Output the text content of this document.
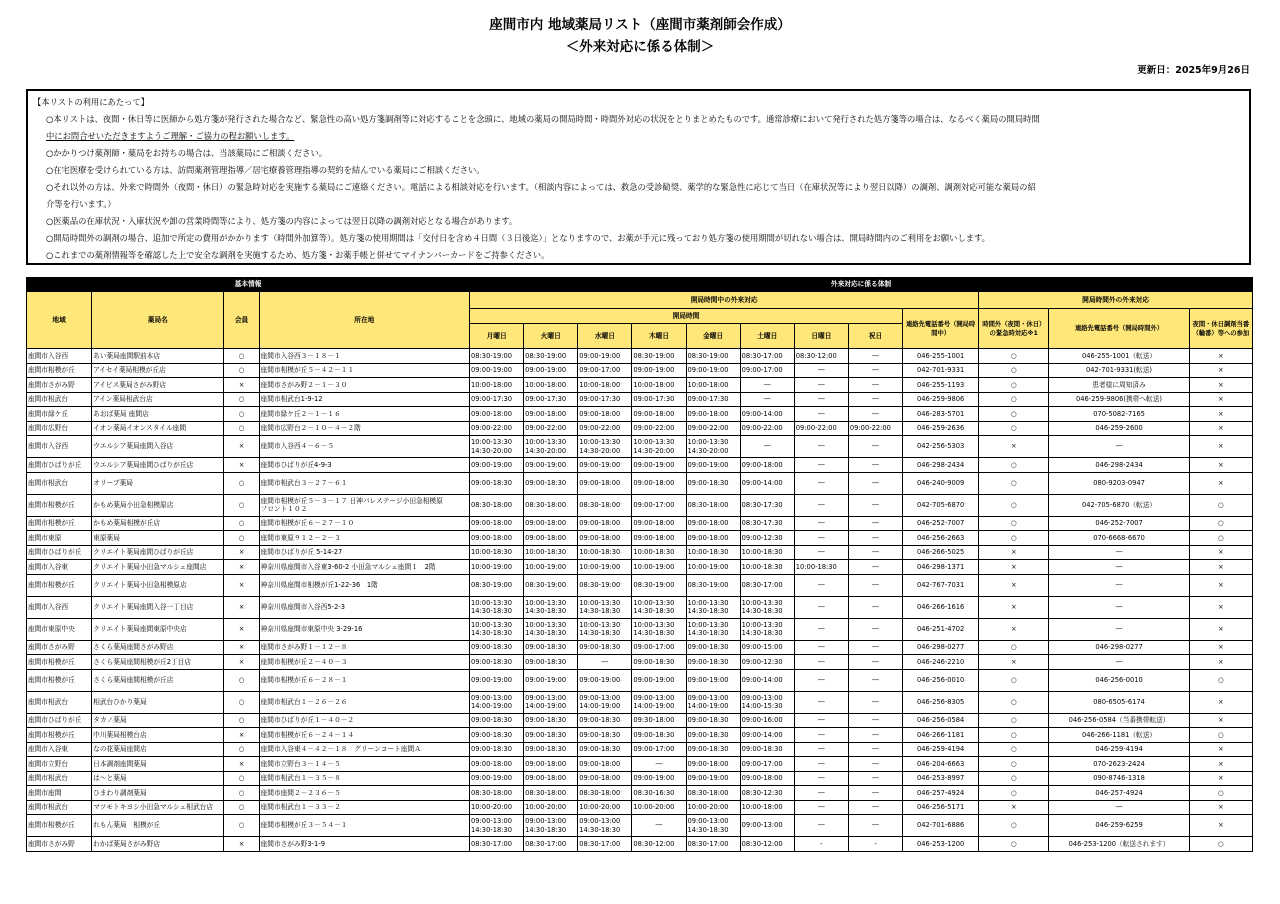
座間市内 地域薬局リスト（座間市薬剤師会作成）
＜外来対応に係る体制＞
更新日：2025年9月26日
【本リストの利用にあたって】
○本リストは、夜間・休日等に医師から処方箋が発行された場合など、緊急性の高い処方箋調剤等に対応することを念頭に、地域の薬局の開局時間・時間外対応の状況をとりまとめたものです。通常診療において発行された処方箋等の場合は、なるべく薬局の開局時間
中にお問合せいただきますようご理解・ご協力の程お願いします。
○かかりつけ薬剤師・薬局をお持ちの場合は、当該薬局にご相談ください。
○在宅医療を受けられている方は、訪問薬剤管理指導／居宅療養管理指導の契約を結んでいる薬局にご相談ください。
○それ以外の方は、外来で時間外（夜間・休日）の緊急時対応を実施する薬局にご連絡ください。電話による相談対応を行います。（相談内容によっては、救急の受診勧奨、薬学的な緊急性に応じて当日（在庫状況等により翌日以降）の調剤、調剤対応可能な薬局の紹
介等を行います。）
○医薬品の在庫状況・入庫状況や卸の営業時間等により、処方箋の内容によっては翌日以降の調剤対応となる場合があります。
○開局時間外の調剤の場合、追加で所定の費用がかかります（時間外加算等）。処方箋の使用期間は「交付日を含め４日間（３日後迄）」となりますので、お薬が手元に残っており処方箋の使用期間が切れない場合は、開局時間内のご利用をお願いします。
○これまでの薬剤情報等を確認した上で安全な調剤を実施するため、処方箋・お薬手帳と併せてマイナンバーカードをご持参ください。
基本情報				外来対応に係る体制											
地域	薬局名	会員	所在地	開局時間中の外来対応									開局時間外の外来対応		
				開局時間								連絡先電話番号（開局時間中）	時間外（夜間・休日）の緊急時対応※1	連絡先電話番号（開局時間外）	夜間・休日調剤当番（輪番）等への参加
				月曜日	火曜日	水曜日	木曜日	金曜日	土曜日	日曜日	祝日				
座間市入谷西	あい薬局座間駅前本店	○	座間市入谷西３－１８－１	08:30-19:00	08:30-19:00	09:00-19:00	08:30-19:00	08:30-19:00	08:30-17:00	08:30-12:00	―	046-255-1001	○	046-255-1001（転送）	×
座間市相模が丘	アイセイ薬局相模が丘店	○	座間市相模が丘５－４２－１１	09:00-19:00	09:00-19:00	09:00-17:00	09:00-19:00	09:00-19:00	09:00-17:00	―	―	042-701-9331	○	042-701-9331(転送)	×
座間市さがみ野	アイビス薬局さがみ野店	×	座間市さがみ野２－１－３０	10:00-18:00	10:00-18:00	10:00-18:00	10:00-18:00	10:00-18:00	―	―	―	046-255-1193	○	患者様に周知済み	×
座間市相武台	アイン薬局相武台店	○	座間市相武台1-9-12	09:00-17:30	09:00-17:30	09:00-17:30	09:00-17:30	09:00-17:30	―	―	―	046-259-9806	○	046-259-9806(携帯へ転送)	×
座間市緑ケ丘	あおば薬局 座間店	○	座間市緑ケ丘２－１－１６	09:00-18:00	09:00-18:00	09:00-18:00	09:00-18:00	09:00-18:00	09:00-14:00	―	―	046-283-5701	○	070-5082-7165	×
座間市広野台	イオン薬局イオンスタイル座間	○	座間市広野台２－１０－４－２階	09:00-22:00	09:00-22:00	09:00-22:00	09:00-22:00	09:00-22:00	09:00-22:00	09:00-22:00	09:00-22:00	046-259-2636	○	046-259-2600	×
座間市入谷西	ウエルシア薬局座間入谷店	×	座間市入谷西４－６－５	10:00-13:30
14:30-20:00	10:00-13:30
14:30-20:00	10:00-13:30
14:30-20:00	10:00-13:30
14:30-20:00	10:00-13:30
14:30-20:00	―	―	―	042-256-5303	×	―	×
座間市ひばりが丘	ウエルシア薬局座間ひばりが丘店	×	座間市ひばりが丘4-9-3	09:00-19:00	09:00-19:00	09:00-19:00	09:00-19:00	09:00-19:00	09:00-18:00	―	―	046-298-2434	○	046-298-2434	×
座間市相武台	オリーブ薬局	○	座間市相武台３－２７－６１	09:00-18:30	09:00-18:30	09:00-18:00	09:00-18:00	09:00-18:30	09:00-14:00	―	―	046-240-9009	○	080-9203-0947	×
座間市相模が丘	かもめ薬局小田急相模原店	○	座間市相模が丘５－３－１７ 日神パレステージ小田急相模原
フロント１０２	08:30-18:00	08:30-18:00	08:30-18:00	09:00-17:00	08:30-18:00	08:30-17:30	―	―	042-705-6870	○	042-705-6870（転送）	○
座間市相模が丘	かもめ薬局相模が丘店	○	座間市相模が丘６－２７－１０	09:00-18:00	09:00-18:00	09:00-18:00	09:00-18:00	09:00-18:00	08:30-17:30	―	―	046-252-7007	○	046-252-7007	○
座間市東原	東原薬局	○	座間市東原９１２－２－３	09:00-18:00	09:00-18:00	09:00-18:00	09:00-18:00	09:00-18:00	09:00-12:30	―	―	046-256-2663	○	070-6668-6670	○
座間市ひばりが丘	クリエイト薬局座間ひばりが丘店	×	座間市ひばりが丘 5-14-27	10:00-18:30	10:00-18:30	10:00-18:30	10:00-18:30	10:00-18:30	10:00-18:30	―	―	046-266-5025	×	―	×
座間市入谷東	クリエイト薬局小田急マルシェ座間店	×	神奈川県座間市入谷東3-60-2 小田急マルシェ座間１　2階	10:00-19:00	10:00-19:00	10:00-19:00	10:00-19:00	10:00-19:00	10:00-18:30	10:00-18:30	―	046-298-1371	×	―	×
座間市相模が丘	クリエイト薬局小田急相模原店	×	神奈川県座間市相模が丘1-22-36　1階	08:30-19:00	08:30-19:00	08:30-19:00	08:30-19:00	08:30-19:00	08:30-17:00	―	―	042-767-7031	×	―	×
座間市入谷西	クリエイト薬局座間入谷一丁目店	×	神奈川県座間市入谷西5-2-3	10:00-13:30
14:30-18:30	10:00-13:30
14:30-18:30	10:00-13:30
14:30-18:30	10:00-13:30
14:30-18:30	10:00-13:30
14:30-18:30	10:00-13:30
14:30-18:30	―	―	046-266-1616	×	―	×
座間市東原中央	クリエイト薬局座間東原中央店	×	神奈川県座間市東原中央 3-29-16	10:00-13:30
14:30-18:30	10:00-13:30
14:30-18:30	10:00-13:30
14:30-18:30	10:00-13:30
14:30-18:30	10:00-13:30
14:30-18:30	10:00-13:30
14:30-18:30	―	―	046-251-4702	×	―	×
座間市さがみ野	さくら薬局座間さがみ野店	×	座間市さがみ野１－１２－８	09:00-18:30	09:00-18:30	09:00-18:30	09:00-17:00	09:00-18:30	09:00-15:00	―	―	046-298-0277	○	046-298-0277	×
座間市相模が丘	さくら薬局座間相模が丘2丁目店	×	座間市相模が丘２－４０－３	09:00-18:30	09:00-18:30	―	09:00-18:30	09:00-18:30	09:00-12:30	―	―	046-246-2210	×	―	×
座間市相模が丘	さくら薬局座間相模が丘店	○	座間市相模が丘６－２８－１	09:00-19:00	09:00-19:00	09:00-19:00	09:00-19:00	09:00-19:00	09:00-14:00	―	―	046-256-0010	○	046-256-0010	○
座間市相武台	相武台ひかり薬局	○	座間市相武台１－２６－２６	09:00-13:00
14:00-19:00	09:00-13:00
14:00-19:00	09:00-13:00
14:00-19:00	09:00-13:00
14:00-19:00	09:00-13:00
14:00-19:00	09:00-13:00
14:00-15:30	―	―	046-256-8305	○	080-6505-6174	×
座間市ひばりが丘	タカノ薬局	○	座間市ひばりが丘１－４０－２	09:00-18:30	09:00-18:30	09:00-18:30	09:30-18:00	09:00-18:30	09:00-16:00	―	―	046-256-0584	○	046-256-0584（当番携帯転送）	×
座間市相模が丘	中川薬局相模台店	×	座間市相模が丘６－２４－１４	09:00-18:30	09:00-18:30	09:00-18:30	09:00-18:30	09:00-18:30	09:00-14:00	―	―	046-266-1181	○	046-266-1181（転送）	○
座間市入谷東	なの花薬局座間店	○	座間市入谷東４－４２－１８　グリーンコート座間Ａ	09:00-18:30	09:00-18:30	09:00-18:30	09:00-17:00	09:00-18:30	09:00-18:30	―	―	046-259-4194	○	046-259-4194	×
座間市立野台	日本調剤座間薬局	×	座間市立野台３－１４－５	09:00-18:00	09:00-18:00	09:00-18:00	―	09:00-18:00	09:00-17:00	―	―	046-204-6663	○	070-2623-2424	×
座間市相武台	は～と薬局	○	座間市相武台１－３５－８	09:00-19:00	09:00-18:00	09:00-18:00	09:00-19:00	09:00-19:00	09:00-18:00	―	―	046-253-8997	○	090-8746-1318	×
座間市座間	ひまわり調剤薬局	○	座間市座間２－２３６－５	08:30-18:00	08:30-18:00	08:30-18:00	08:30-16:30	08:30-18:00	08:30-12:30	―	―	046-257-4924	○	046-257-4924	○
座間市相武台	マツモトキヨシ小田急マルシェ相武台店	○	座間市相武台１－３３－２	10:00-20:00	10:00-20:00	10:00-20:00	10:00-20:00	10:00-20:00	10:00-18:00	―	―	046-256-5171	×	―	×
座間市相模が丘	れもん薬局　相模が丘	○	座間市相模が丘３－５４－１	09:00-13:00
14:30-18:30	09:00-13:00
14:30-18:30	09:00-13:00
14:30-18:30	―	09:00-13:00
14:30-18:30	09:00-13:00	―	―	042-701-6886	○	046-259-6259	×
座間市さがみ野	わかば薬局さがみ野店	×	座間市さがみ野3-1-9	08:30-17:00	08:30-17:00	08:30-17:00	08:30-12:00	08:30-17:00	08:30-12:00	-	-	046-253-1200	○	046-253-1200（転送されます）	○
